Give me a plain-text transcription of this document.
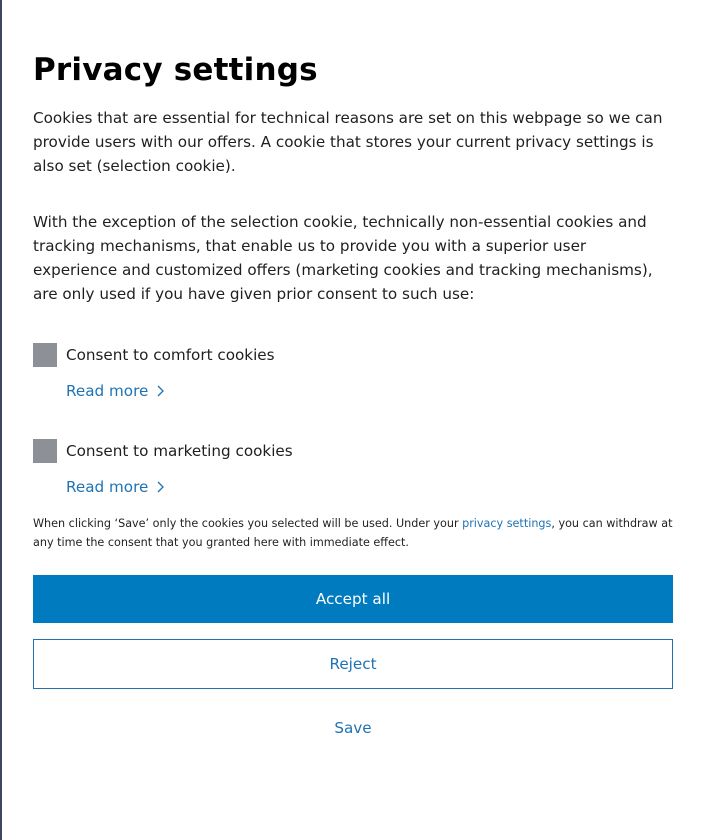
Privacy settings

Cookies that are essential for technical reasons are set on this webpage so we can provide users with our offers. A cookie that stores your current privacy settings is also set (selection cookie).

With the exception of the selection cookie, technically non-essential cookies and tracking mechanisms, that enable us to provide you with a superior user experience and customized offers (marketing cookies and tracking mechanisms), are only used if you have given prior consent to such use:

Consent to comfort cookies
Read more
Consent to marketing cookies
Read more

When clicking ‘Save’ only the cookies you selected will be used. Under your privacy settings, you can withdraw at any time the consent that you granted here with immediate effect.

Accept all
Reject
Save
